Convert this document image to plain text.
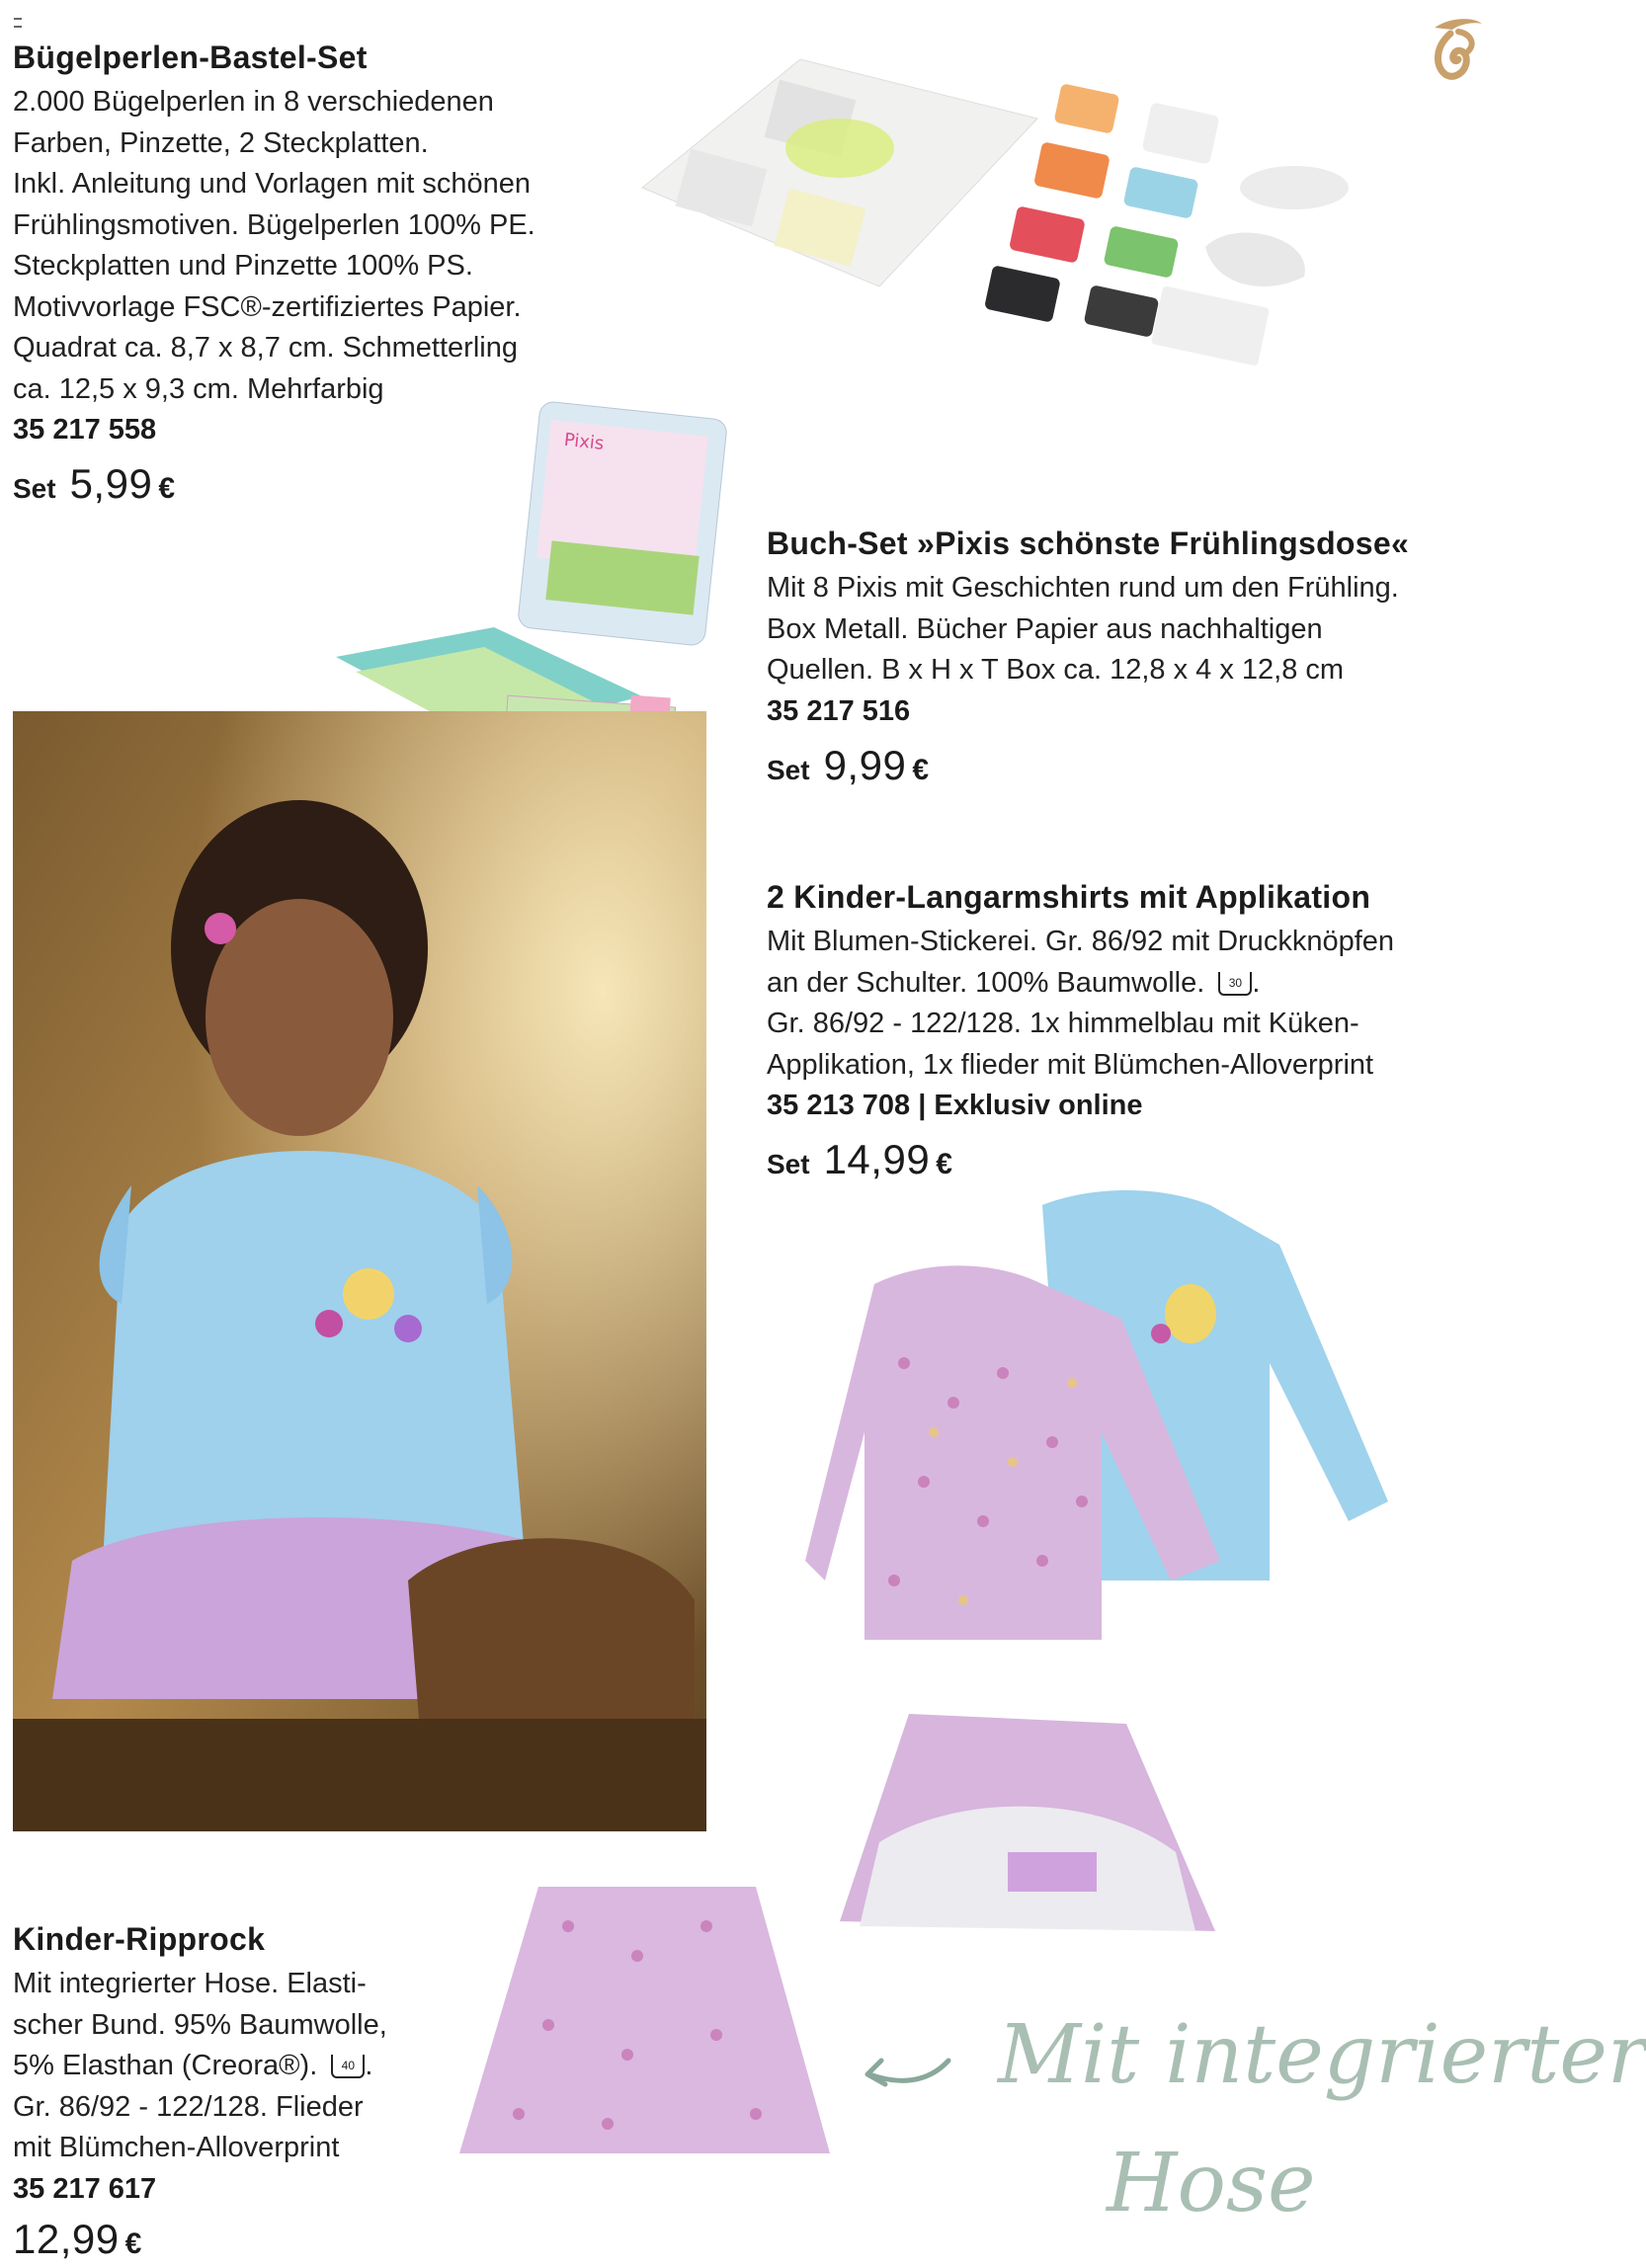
Bügelperlen-Bastel-Set

2.000 Bügelperlen in 8 verschiedenen

Farben, Pinzette, 2 Steckplatten.

Inkl. Anleitung und Vorlagen mit schönen

Frühlingsmotiven. Bügelperlen 100% PE.

Steckplatten und Pinzette 100% PS.

Motivvorlage FSC®-zertifiziertes Papier.

Quadrat ca. 8,7 x 8,7 cm. Schmetterling

ca. 12,5 x 9,3 cm. Mehrfarbig

35 217 558

Set 5,99 €
Pixis
Buch-Set »Pixis schönste Frühlingsdose«

Mit 8 Pixis mit Geschichten rund um den Frühling.

Box Metall. Bücher Papier aus nachhaltigen

Quellen. B x H x T Box ca. 12,8 x 4 x 12,8 cm

35 217 516

Set 9,99 €
2 Kinder-Langarmshirts mit Applikation

Mit Blumen-Stickerei. Gr. 86/92 mit Druckknöpfen

an der Schulter. 100% Baumwolle. 30 .

Gr. 86/92 - 122/128. 1x himmelblau mit Küken-

Applikation, 1x flieder mit Blümchen-Alloverprint

35 213 708 | Exklusiv online

Set 14,99 €
Kinder-Ripprock

Mit integrierter Hose. Elasti-

scher Bund. 95% Baumwolle,

5% Elasthan (Creora®). 40 .

Gr. 86/92 - 122/128. Flieder

mit Blümchen-Alloverprint

35 217 617

12,99 €
Mit integrierter
Hose
